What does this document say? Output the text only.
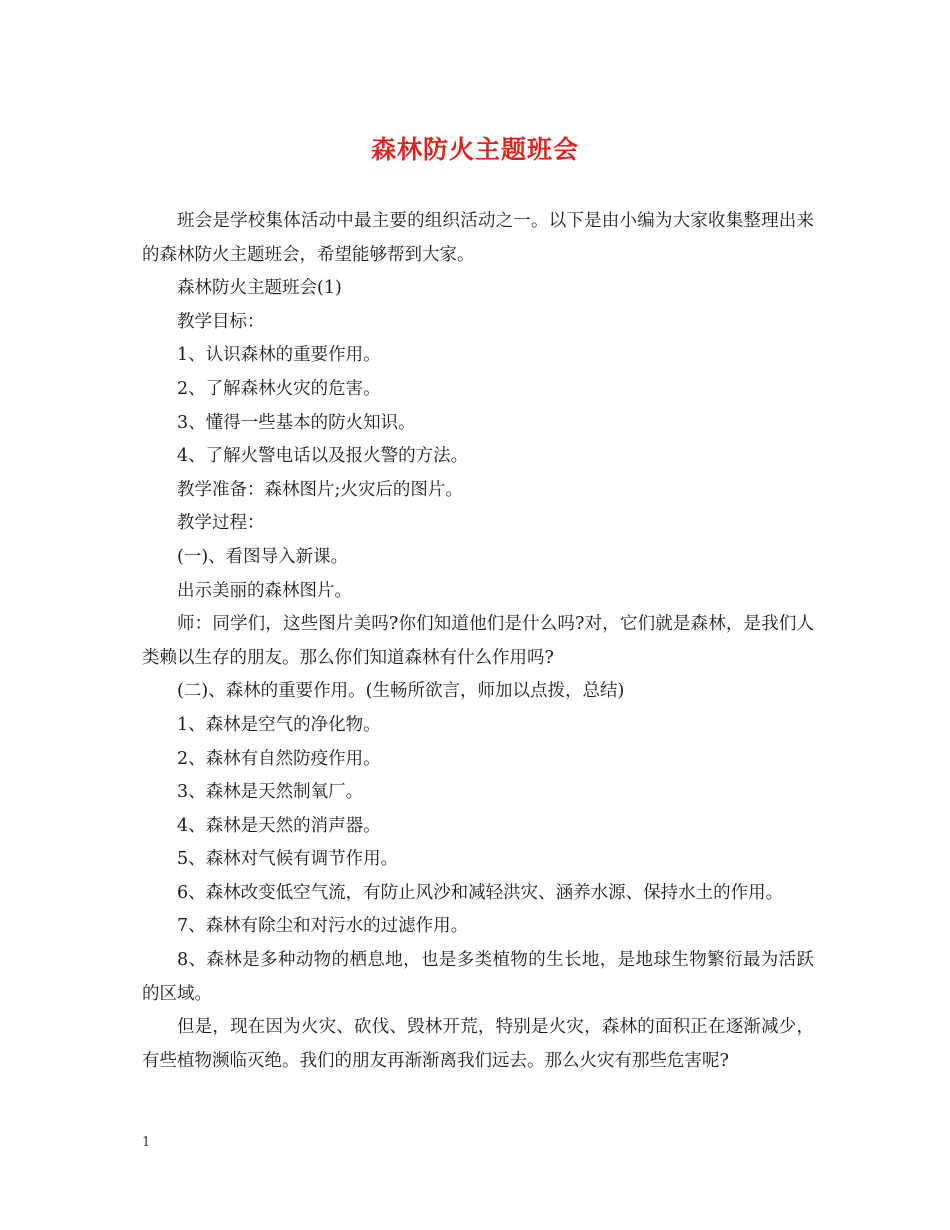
森林防火主题班会

班会是学校集体活动中最主要的组织活动之一。以下是由小编为大家收集整理出来的森林防火主题班会，希望能够帮到大家。

森林防火主题班会(1)

教学目标：

1、认识森林的重要作用。

2、了解森林火灾的危害。

3、懂得一些基本的防火知识。

4、了解火警电话以及报火警的方法。

教学准备：森林图片;火灾后的图片。

教学过程：

(一)、看图导入新课。

出示美丽的森林图片。

师：同学们，这些图片美吗?你们知道他们是什么吗?对，它们就是森林，是我们人类赖以生存的朋友。那么你们知道森林有什么作用吗?

(二)、森林的重要作用。(生畅所欲言，师加以点拨，总结)

1、森林是空气的净化物。

2、森林有自然防疫作用。

3、森林是天然制氧厂。

4、森林是天然的消声器。

5、森林对气候有调节作用。

6、森林改变低空气流，有防止风沙和减轻洪灾、涵养水源、保持水土的作用。

7、森林有除尘和对污水的过滤作用。

8、森林是多种动物的栖息地，也是多类植物的生长地，是地球生物繁衍最为活跃的区域。

但是，现在因为火灾、砍伐、毁林开荒，特别是火灾，森林的面积正在逐渐减少，有些植物濒临灭绝。我们的朋友再渐渐离我们远去。那么火灾有那些危害呢?

1
